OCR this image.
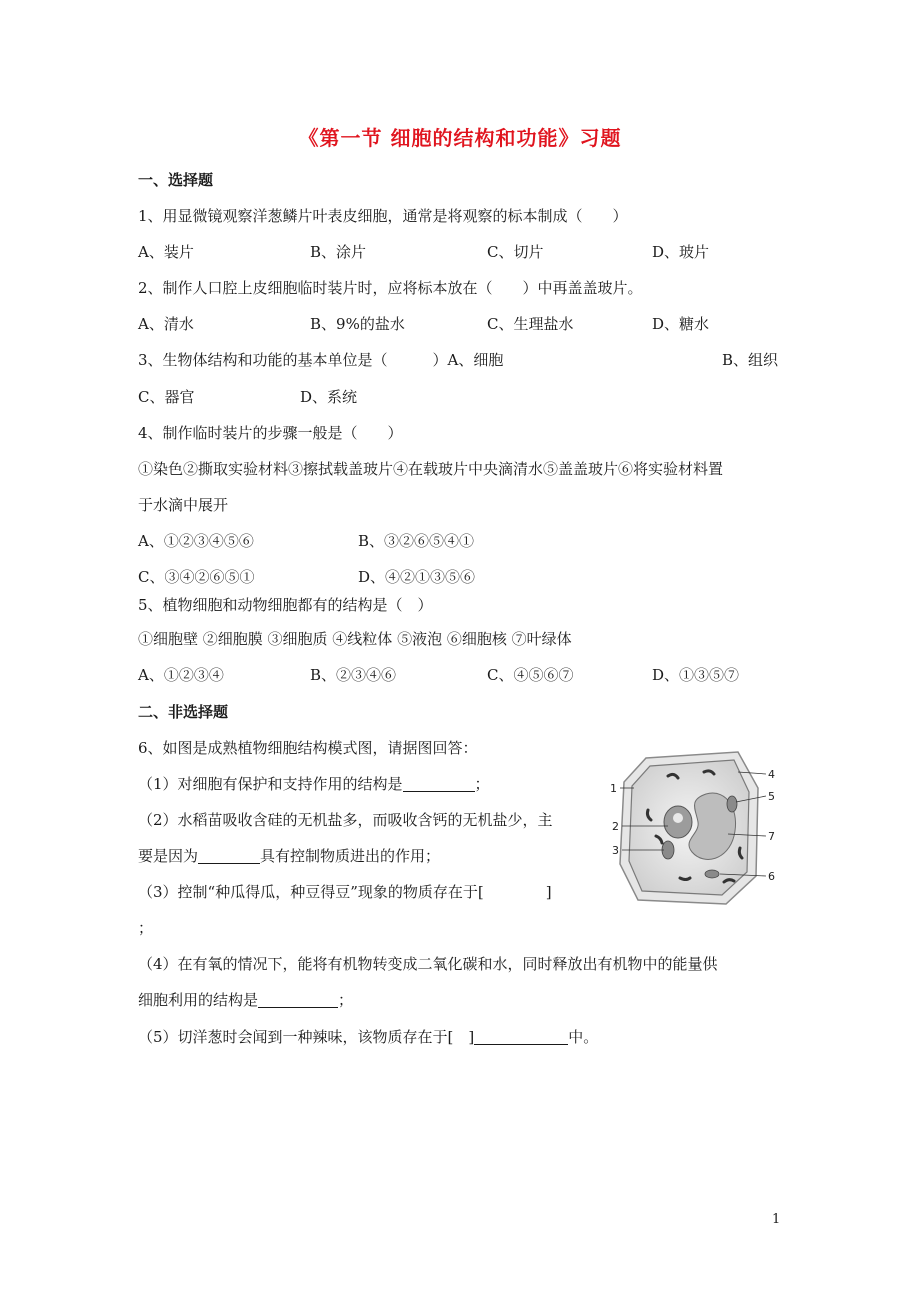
《第一节 细胞的结构和功能》习题
一、选择题
1、用显微镜观察洋葱鳞片叶表皮细胞，通常是将观察的标本制成（　　）
A、装片	B、涂片	C、切片	D、玻片
2、制作人口腔上皮细胞临时装片时，应将标本放在（　　）中再盖盖玻片。
A、清水	B、9%的盐水	C、生理盐水	D、糖水
3、生物体结构和功能的基本单位是（　　　）A、细胞	B、组织
C、器官	D、系统
4、制作临时装片的步骤一般是（　　）
①染色②撕取实验材料③擦拭载盖玻片④在载玻片中央滴清水⑤盖盖玻片⑥将实验材料置
于水滴中展开
A、①②③④⑤⑥	B、③②⑥⑤④①
C、③④②⑥⑤①	D、④②①③⑤⑥
5、植物细胞和动物细胞都有的结构是（　）
①细胞壁 ②细胞膜 ③细胞质 ④线粒体 ⑤液泡 ⑥细胞核 ⑦叶绿体
A、①②③④	B、②③④⑥	C、④⑤⑥⑦	D、①③⑤⑦
二、非选择题
6、如图是成熟植物细胞结构模式图，请据图回答：
（1）对细胞有保护和支持作用的结构是	；
（2）水稻苗吸收含硅的无机盐多，而吸收含钙的无机盐少，主
要是因为	具有控制物质进出的作用；
（3）控制“种瓜得瓜，种豆得豆”现象的物质存在于[	]
；
（4）在有氧的情况下，能将有机物转变成二氧化碳和水，同时释放出有机物中的能量供
细胞利用的结构是	；
（5）切洋葱时会闻到一种辣味，该物质存在于[　]	中。
1
2
3
4
5
6
7
1
